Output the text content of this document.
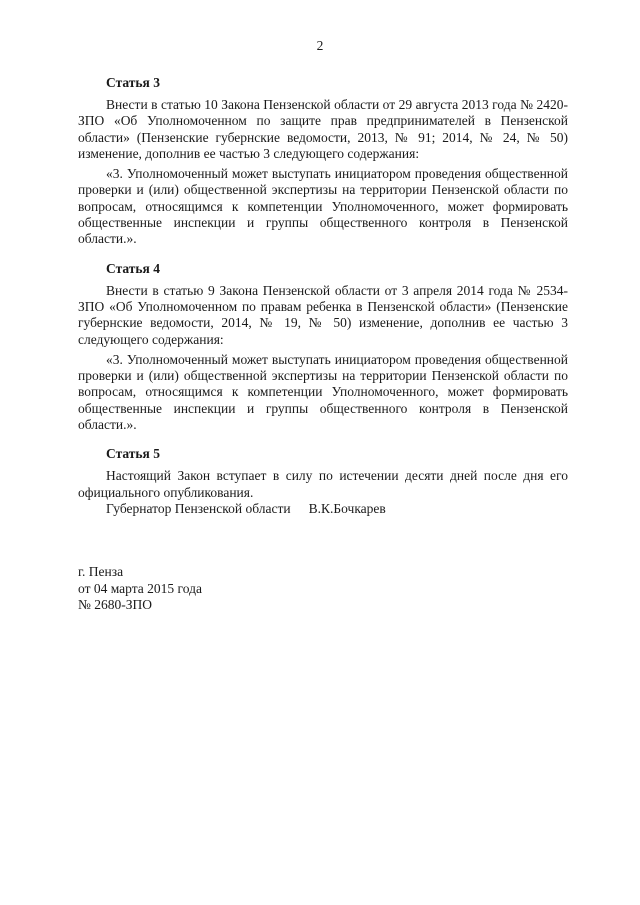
2
Статья 3

Внести в статью 10 Закона Пензенской области от 29 августа 2013 года № 2420-ЗПО «Об Уполномоченном по защите прав предпринимателей в Пензенской области» (Пензенские губернские ведомости, 2013, № 91; 2014, № 24, № 50) изменение, дополнив ее частью 3 следующего содержания:

«3. Уполномоченный может выступать инициатором проведения общественной проверки и (или) общественной экспертизы на территории Пензенской области по вопросам, относящимся к компетенции Уполномоченного, может формировать общественные инспекции и группы общественного контроля в Пензенской области.».

Статья 4

Внести в статью 9 Закона Пензенской области от 3 апреля 2014 года № 2534-ЗПО «Об Уполномоченном по правам ребенка в Пензенской области» (Пензенские губернские ведомости, 2014, № 19, № 50) изменение, дополнив ее частью 3 следующего содержания:

«3. Уполномоченный может выступать инициатором проведения общественной проверки и (или) общественной экспертизы на территории Пензенской области по вопросам, относящимся к компетенции Уполномоченного, может формировать общественные инспекции и группы общественного контроля в Пензенской области.».

Статья 5

Настоящий Закон вступает в силу по истечении десяти дней после дня его официального опубликования.

Губернатор Пензенской области В.К.Бочкарев
г. Пенза
от 04 марта 2015 года
№ 2680-ЗПО
